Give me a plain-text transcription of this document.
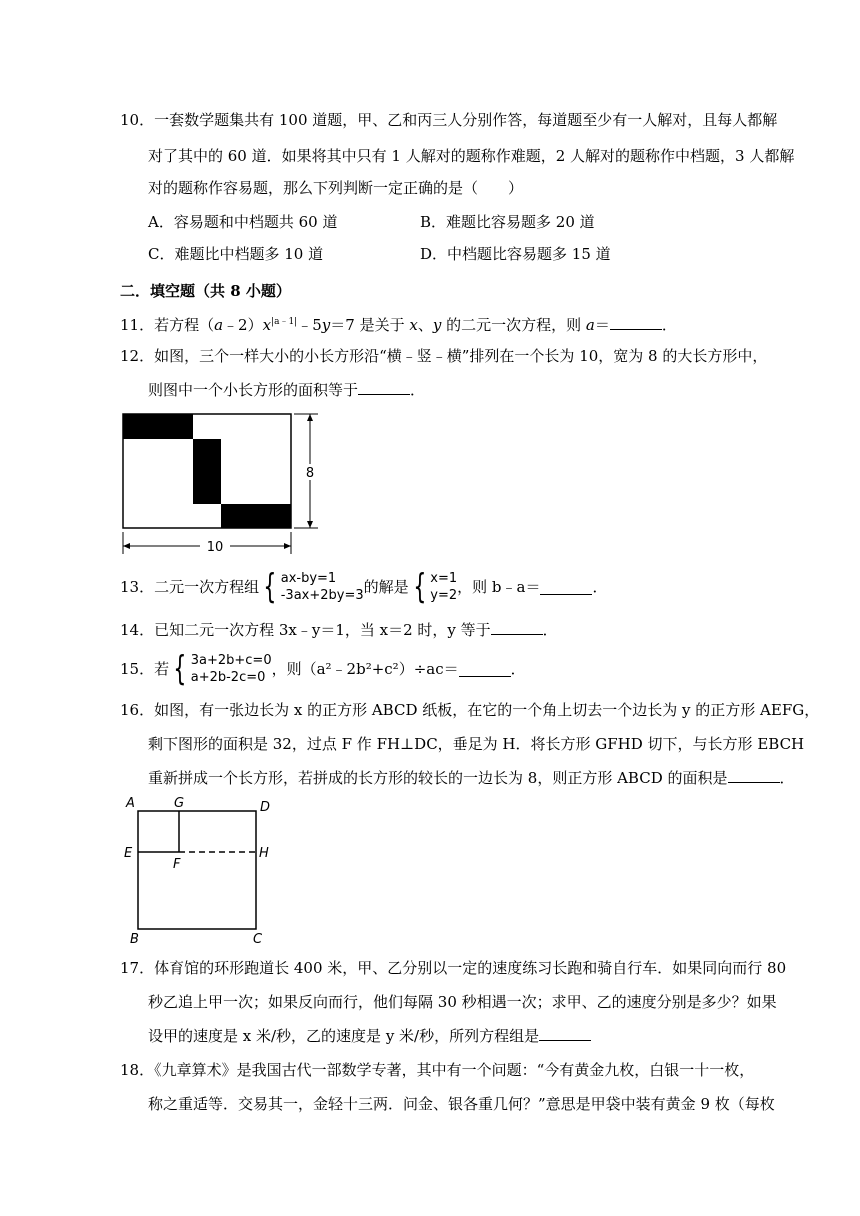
10．一套数学题集共有 100 道题，甲、乙和丙三人分别作答，每道题至少有一人解对，且每人都解
对了其中的 60 道．如果将其中只有 1 人解对的题称作难题，2 人解对的题称作中档题，3 人都解
对的题称作容易题，那么下列判断一定正确的是（　　）
A．容易题和中档题共 60 道	B．难题比容易题多 20 道
C．难题比中档题多 10 道	D．中档题比容易题多 15 道
二．填空题（共 8 小题）
11．若方程$(a﹣2)x^{|a﹣1|}﹣5y=7$ 是关于 x、y 的二元一次方程，则 a＝	．
12．如图，三个一样大小的小长方形沿“横﹣竖﹣横”排列在一个长为 10，宽为 8 的大长方形中，
则图中一个小长方形的面积等于	．
10
8
13．二元一次方程组 { ax-by=1
-3ax+2by=3 的解是 { x=1
y=2 ，则 b﹣a＝	．
14．已知二元一次方程 3x﹣y＝1，当 x＝2 时，y 等于	．
15．若 { 3a+2b+c=0
a+2b-2c=0 ，则（a²﹣2b²+c²）÷ac＝	．
16．如图，有一张边长为 x 的正方形 ABCD 纸板，在它的一个角上切去一个边长为 y 的正方形 AEFG，
剩下图形的面积是 32，过点 F 作 FH⊥DC，垂足为 H．将长方形 GFHD 切下，与长方形 EBCH
重新拼成一个长方形，若拼成的长方形的较长的一边长为 8，则正方形 ABCD 的面积是	．
A	G	D
E
F
H
B	C
17．体育馆的环形跑道长 400 米，甲、乙分别以一定的速度练习长跑和骑自行车．如果同向而行 80
秒乙追上甲一次；如果反向而行，他们每隔 30 秒相遇一次；求甲、乙的速度分别是多少？如果
设甲的速度是 x 米/秒，乙的速度是 y 米/秒，所列方程组是
18．《九章算术》是我国古代一部数学专著，其中有一个问题：“今有黄金九枚，白银一十一枚，
称之重适等．交易其一，金轻十三两．问金、银各重几何？”意思是甲袋中装有黄金 9 枚（每枚
